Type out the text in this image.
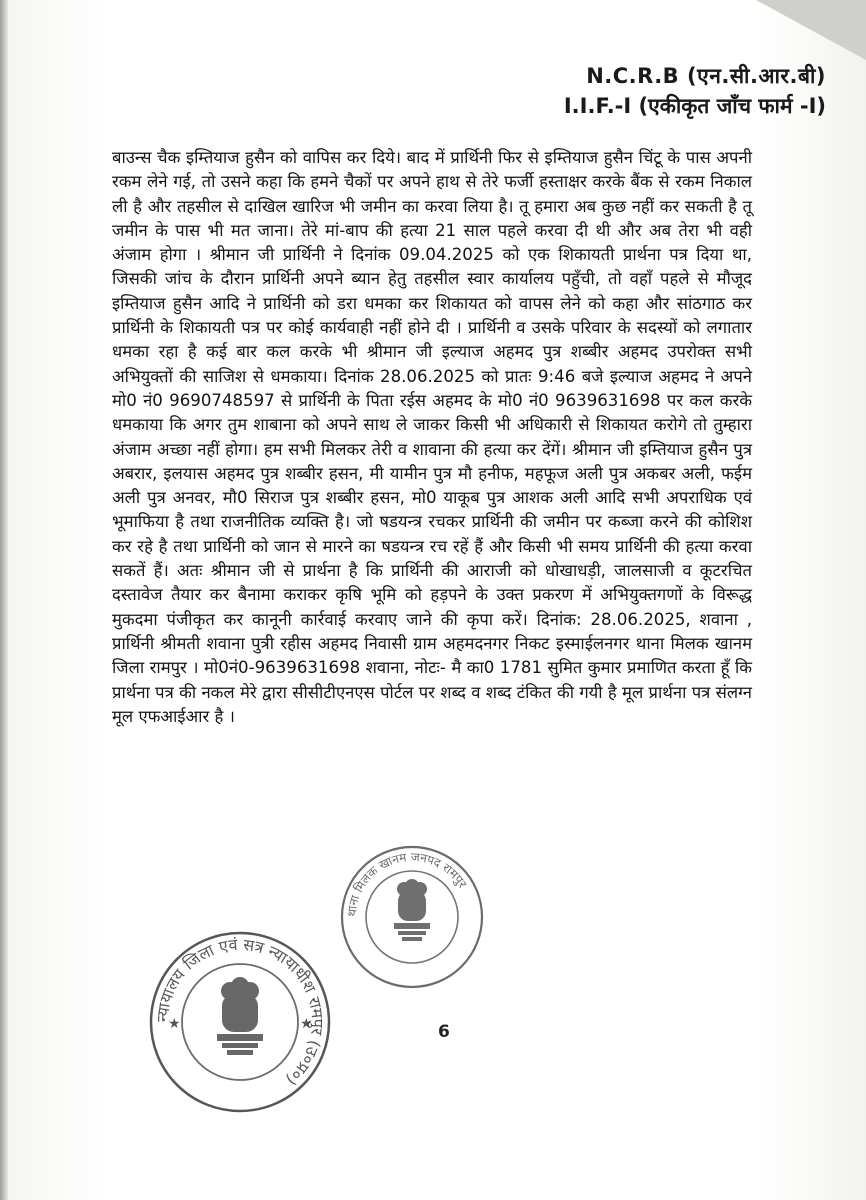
N.C.R.B (एन.सी.आर.बी)
I.I.F.-I (एकीकृत जाँच फार्म -I)

बाउन्स चैक इम्तियाज हुसैन को वापिस कर दिये। बाद में प्रार्थिनी फिर से इम्तियाज हुसैन चिंटू के पास अपनी रकम लेने गई, तो उसने कहा कि हमने चैकों पर अपने हाथ से तेरे फर्जी हस्ताक्षर करके बैंक से रकम निकाल ली है और तहसील से दाखिल खारिज भी जमीन का करवा लिया है। तू हमारा अब कुछ नहीं कर सकती है तू जमीन के पास भी मत जाना। तेरे मां-बाप की हत्या 21 साल पहले करवा दी थी और अब तेरा भी वही अंजाम होगा । श्रीमान जी प्रार्थिनी ने दिनांक 09.04.2025 को एक शिकायती प्रार्थना पत्र दिया था, जिसकी जांच के दौरान प्रार्थिनी अपने ब्यान हेतु तहसील स्वार कार्यालय पहुँची, तो वहाँ पहले से मौजूद इम्तियाज हुसैन आदि ने प्रार्थिनी को डरा धमका कर शिकायत को वापस लेने को कहा और सांठगाठ कर प्रार्थिनी के शिकायती पत्र पर कोई कार्यवाही नहीं होने दी । प्रार्थिनी व उसके परिवार के सदस्यों को लगातार धमका रहा है कई बार कल करके भी श्रीमान जी इल्याज अहमद पुत्र शब्बीर अहमद उपरोक्त सभी अभियुक्तों की साजिश से धमकाया। दिनांक 28.06.2025 को प्रातः 9:46 बजे इल्याज अहमद ने अपने मो0 नं0 9690748597 से प्रार्थिनी के पिता रईस अहमद के मो0 नं0 9639631698 पर कल करके धमकाया कि अगर तुम शाबाना को अपने साथ ले जाकर किसी भी अधिकारी से शिकायत करोगे तो तुम्हारा अंजाम अच्छा नहीं होगा। हम सभी मिलकर तेरी व शावाना की हत्या कर देंगें। श्रीमान जी इम्तियाज हुसैन पुत्र अबरार, इलयास अहमद पुत्र शब्बीर हसन, मी यामीन पुत्र मौ हनीफ, महफूज अली पुत्र अकबर अली, फईम अली पुत्र अनवर, मौ0 सिराज पुत्र शब्बीर हसन, मो0 याकूब पुत्र आशक अली आदि सभी अपराधिक एवं भूमाफिया है तथा राजनीतिक व्यक्ति है। जो षडयन्त्र रचकर प्रार्थिनी की जमीन पर कब्जा करने की कोशिश कर रहे है तथा प्रार्थिनी को जान से मारने का षडयन्त्र रच रहें हैं और किसी भी समय प्रार्थिनी की हत्या करवा सकतें हैं। अतः श्रीमान जी से प्रार्थना है कि प्रार्थिनी की आराजी को धोखाधड़ी, जालसाजी व कूटरचित दस्तावेज तैयार कर बैनामा कराकर कृषि भूमि को हड़पने के उक्त प्रकरण में अभियुक्तगणों के विरूद्ध मुकदमा पंजीकृत कर कानूनी कार्रवाई करवाए जाने की कृपा करें। दिनांक: 28.06.2025, शवाना , प्रार्थिनी श्रीमती शवाना पुत्री रहीस अहमद निवासी ग्राम अहमदनगर निकट इस्माईलनगर थाना मिलक खानम जिला रामपुर । मो0नं0-9639631698 शवाना, नोटः- मै का0 1781 सुमित कुमार प्रमाणित करता हूँ कि प्रार्थना पत्र की नकल मेरे द्वारा सीसीटीएनएस पोर्टल पर शब्द व शब्द टंकित की गयी है मूल प्रार्थना पत्र संलग्न मूल एफआईआर है ।

थाना मिलक खानम जनपद रामपुर
न्यायालय जिला एवं सत्र न्यायाधीश रामपुर (उ०प्र०)
★	★	6
